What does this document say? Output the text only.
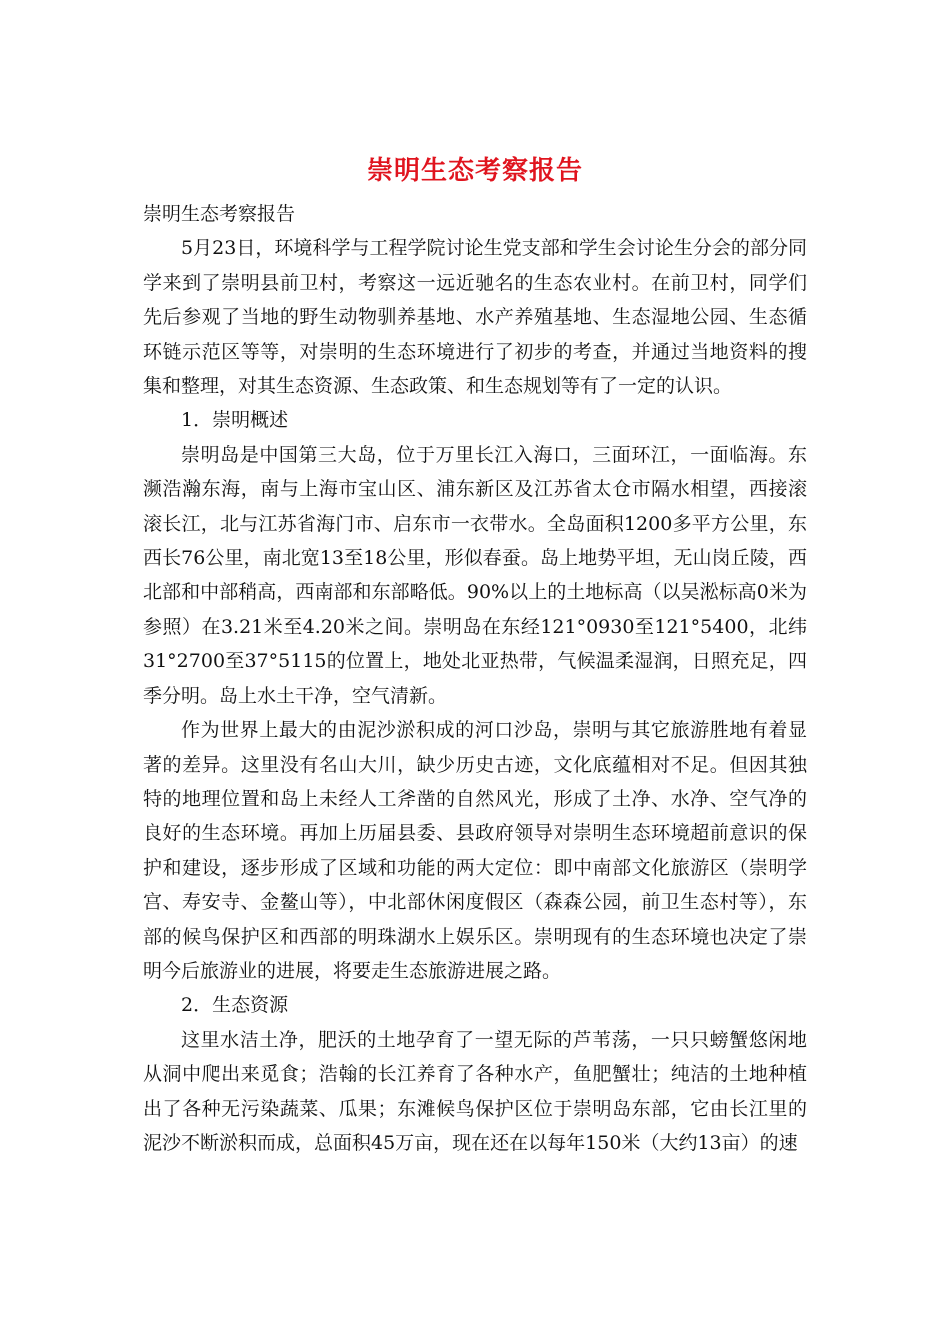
崇明生态考察报告

崇明生态考察报告

5月23日，环境科学与工程学院讨论生党支部和学生会讨论生分会的部分同学来到了崇明县前卫村，考察这一远近驰名的生态农业村。在前卫村，同学们先后参观了当地的野生动物驯养基地、水产养殖基地、生态湿地公园、生态循环链示范区等等，对崇明的生态环境进行了初步的考查，并通过当地资料的搜集和整理，对其生态资源、生态政策、和生态规划等有了一定的认识。

1．崇明概述

崇明岛是中国第三大岛，位于万里长江入海口，三面环江，一面临海。东濒浩瀚东海，南与上海市宝山区、浦东新区及江苏省太仓市隔水相望，西接滚滚长江，北与江苏省海门市、启东市一衣带水。全岛面积1200多平方公里，东西长76公里，南北宽13至18公里，形似春蚕。岛上地势平坦，无山岗丘陵，西北部和中部稍高，西南部和东部略低。90%以上的土地标高（以吴淞标高0米为参照）在3.21米至4.20米之间。崇明岛在东经121°0930至121°5400，北纬31°2700至37°5115的位置上，地处北亚热带，气候温柔湿润，日照充足，四季分明。岛上水土干净，空气清新。

作为世界上最大的由泥沙淤积成的河口沙岛，崇明与其它旅游胜地有着显著的差异。这里没有名山大川，缺少历史古迹，文化底蕴相对不足。但因其独特的地理位置和岛上未经人工斧凿的自然风光，形成了土净、水净、空气净的良好的生态环境。再加上历届县委、县政府领导对崇明生态环境超前意识的保护和建设，逐步形成了区域和功能的两大定位：即中南部文化旅游区（崇明学宫、寿安寺、金鳌山等），中北部休闲度假区（森森公园，前卫生态村等），东部的候鸟保护区和西部的明珠湖水上娱乐区。崇明现有的生态环境也决定了崇明今后旅游业的进展，将要走生态旅游进展之路。

2．生态资源

这里水洁土净，肥沃的土地孕育了一望无际的芦苇荡，一只只螃蟹悠闲地从洞中爬出来觅食；浩翰的长江养育了各种水产，鱼肥蟹壮；纯洁的土地种植出了各种无污染蔬菜、瓜果；东滩候鸟保护区位于崇明岛东部，它由长江里的泥沙不断淤积而成，总面积45万亩，现在还在以每年150米（大约13亩）的速
